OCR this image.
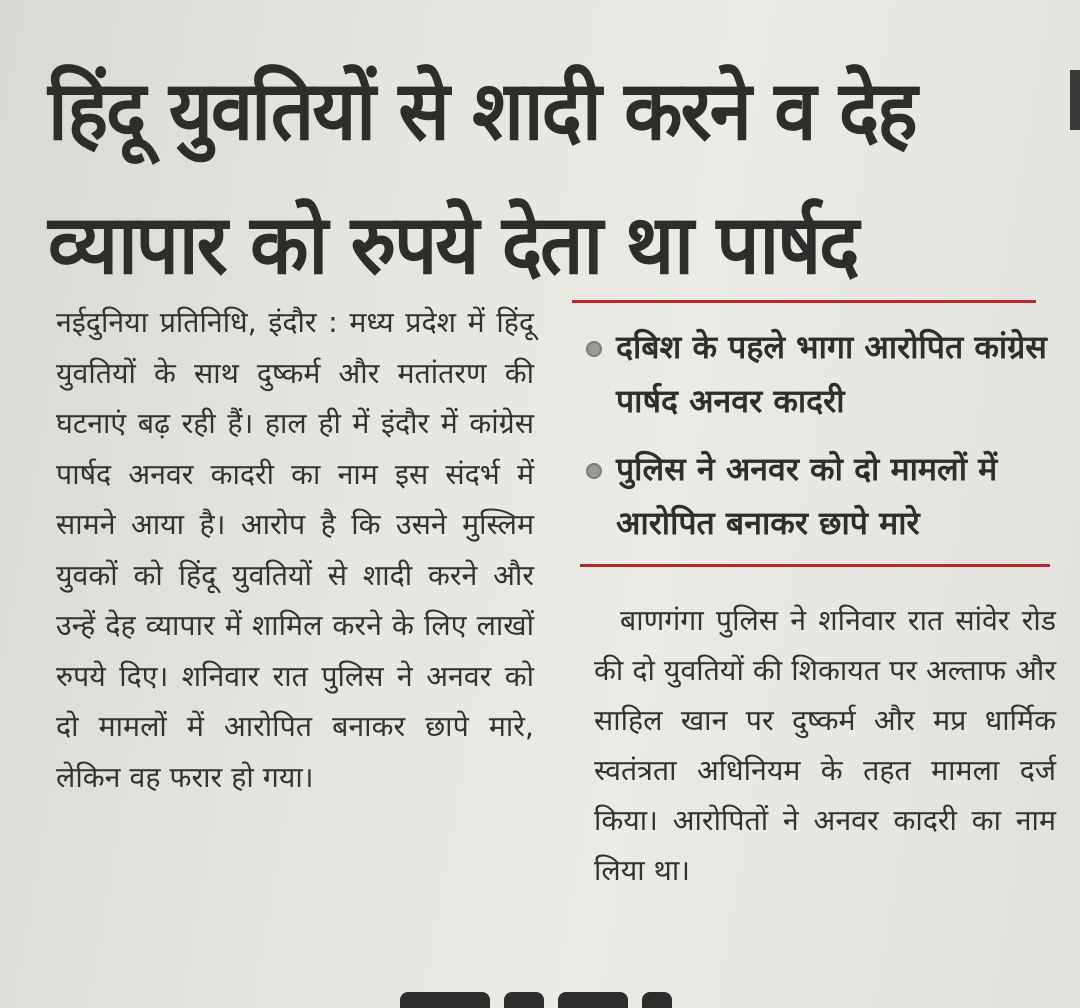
हिंदू युवतियों से शादी करने व देह व्यापार को रुपये देता था पार्षद

नईदुनिया प्रतिनिधि, इंदौर : मध्य प्रदेश में हिंदू युवतियों के साथ दुष्कर्म और मतांतरण की घटनाएं बढ़ रही हैं। हाल ही में इंदौर में कांग्रेस पार्षद अनवर कादरी का नाम इस संदर्भ में सामने आया है। आरोप है कि उसने मुस्लिम युवकों को हिंदू युवतियों से शादी करने और उन्हें देह व्यापार में शामिल करने के लिए लाखों रुपये दिए। शनिवार रात पुलिस ने अनवर को दो मामलों में आरोपित बनाकर छापे मारे, लेकिन वह फरार हो गया।

दबिश के पहले भागा आरोपित कांग्रेस पार्षद अनवर कादरी
पुलिस ने अनवर को दो मामलों में आरोपित बनाकर छापे मारे

बाणगंगा पुलिस ने शनिवार रात सांवेर रोड की दो युवतियों की शिकायत पर अल्ताफ और साहिल खान पर दुष्कर्म और मप्र धार्मिक स्वतंत्रता अधिनियम के तहत मामला दर्ज किया। आरोपितों ने अनवर कादरी का नाम लिया था।
